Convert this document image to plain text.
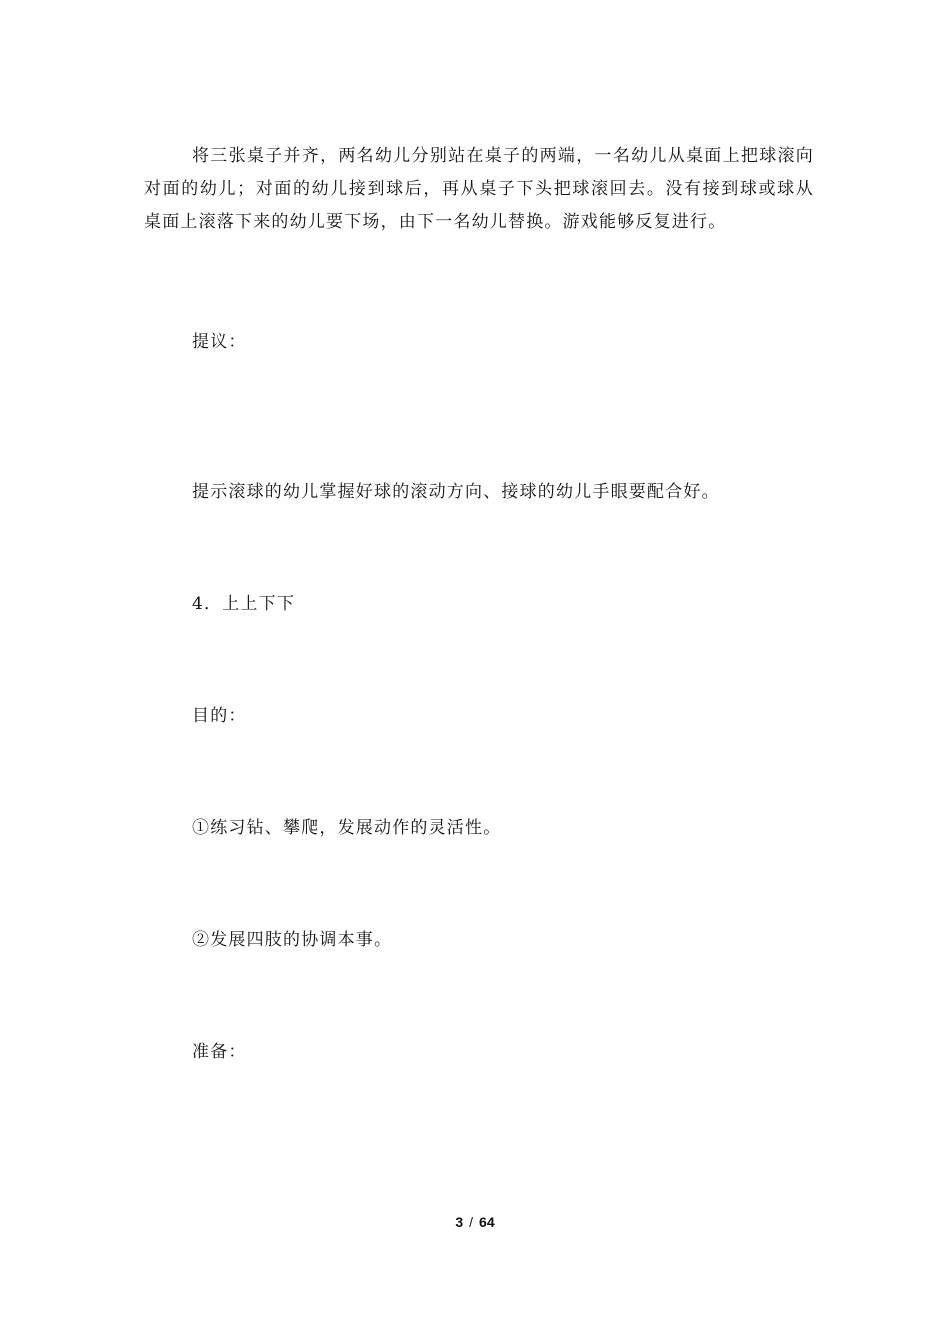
将三张桌子并齐，两名幼儿分别站在桌子的两端，一名幼儿从桌面上把球滚向对面的幼儿；对面的幼儿接到球后，再从桌子下头把球滚回去。没有接到球或球从桌面上滚落下来的幼儿要下场，由下一名幼儿替换。游戏能够反复进行。

提议：

提示滚球的幼儿掌握好球的滚动方向、接球的幼儿手眼要配合好。

4．上上下下

目的：

①练习钻、攀爬，发展动作的灵活性。

②发展四肢的协调本事。

准备：

3 / 64
